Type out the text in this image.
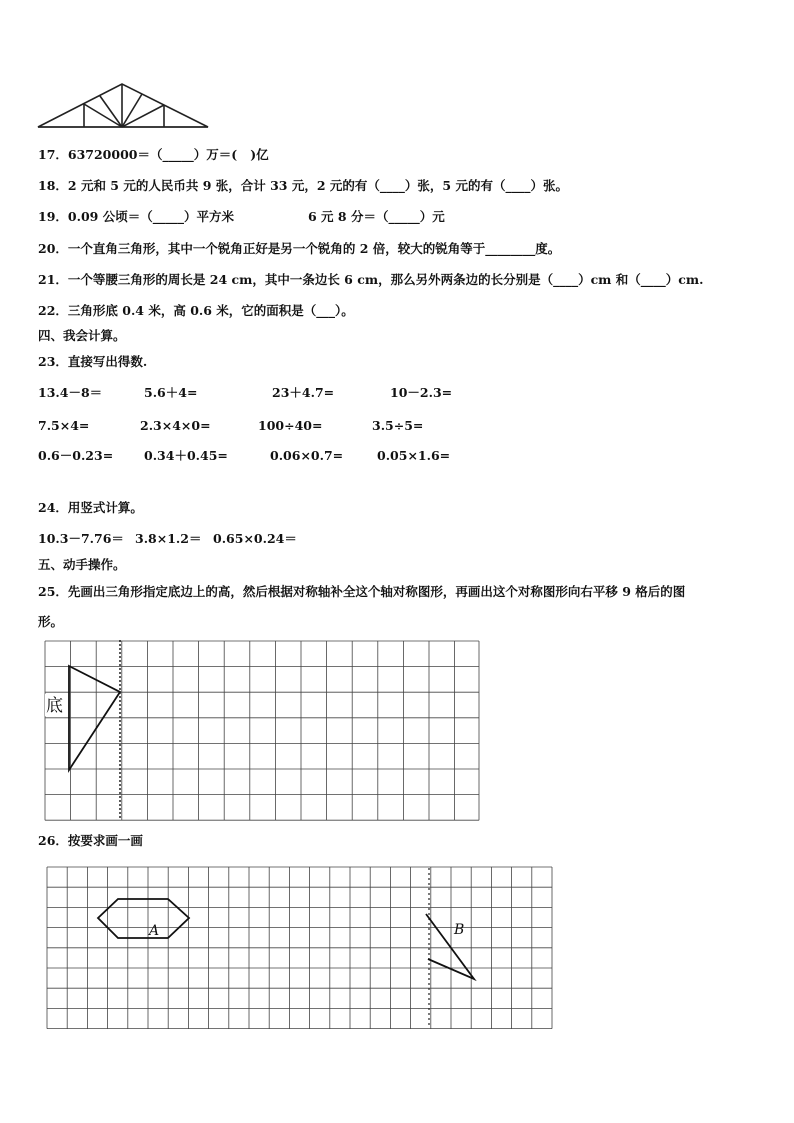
17．63720000＝（_____）万＝(   )亿
18．2 元和 5 元的人民币共 9 张，合计 33 元，2 元的有（____）张，5 元的有（____）张。
19．0.09 公顷＝（_____）平方米	6 元 8 分＝（_____）元
20．一个直角三角形，其中一个锐角正好是另一个锐角的 2 倍，较大的锐角等于________度。
21．一个等腰三角形的周长是 24 cm，其中一条边长 6 cm，那么另外两条边的长分别是（____）cm 和（____）cm.
22．三角形底 0.4 米，高 0.6 米，它的面积是（___）。
四、我会计算。
23．直接写出得数.
13.4－8＝	5.6＋4=	23＋4.7=	10－2.3=
7.5×4=	2.3×4×0=	100÷40=	3.5÷5=
0.6－0.23= 0.34＋0.45=	0.06×0.7=	0.05×1.6=
24．用竖式计算。
10.3－7.76＝ 3.8×1.2＝ 0.65×0.24＝
五、动手操作。
25．先画出三角形指定底边上的高，然后根据对称轴补全这个轴对称图形，再画出这个对称图形向右平移 9 格后的图
形。
底
26．按要求画一画
A	B
